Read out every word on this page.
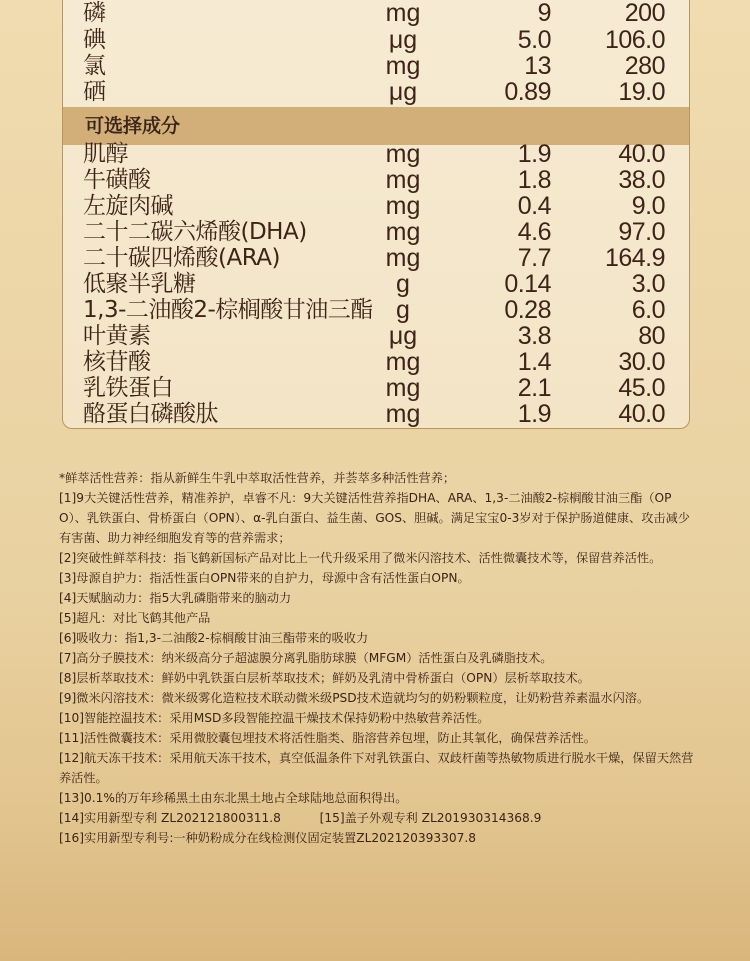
磷	mg	9	200
碘	μg	5.0 106.0
氯	mg	13	280
硒	μg	0.89	19.0
可选择成分
肌醇	mg	1.9	40.0
牛磺酸	mg	1.8	38.0
左旋肉碱	mg	0.4	9.0
二十二碳六烯酸(DHA)	mg	4.6	97.0
二十碳四烯酸(ARA)	mg	7.7 164.9
低聚半乳糖	g	0.14	3.0
1,3-二油酸2-棕榈酸甘油三酯 g	0.28	6.0
叶黄素	μg	3.8	80
核苷酸	mg	1.4	30.0
乳铁蛋白	mg	2.1	45.0
酪蛋白磷酸肽	mg	1.9	40.0

*鲜萃活性营养：指从新鲜生牛乳中萃取活性营养，并荟萃多种活性营养；

[1]9大关键活性营养，精准养护，卓睿不凡：9大关键活性营养指DHA、ARA、1,3-二油酸2-棕榈酸甘油三酯（OPO）、乳铁蛋白、骨桥蛋白（OPN）、α-乳白蛋白、益生菌、GOS、胆碱。满足宝宝0-3岁对于保护肠道健康、攻击减少有害菌、助力神经细胞发育等的营养需求；

[2]突破性鲜萃科技：指飞鹤新国标产品对比上一代升级采用了微米闪溶技术、活性微囊技术等，保留营养活性。

[3]母源自护力：指活性蛋白OPN带来的自护力，母源中含有活性蛋白OPN。

[4]天赋脑动力：指5大乳磷脂带来的脑动力

[5]超凡：对比飞鹤其他产品

[6]吸收力：指1,3-二油酸2-棕榈酸甘油三酯带来的吸收力

[7]高分子膜技术：纳米级高分子超滤膜分离乳脂肪球膜（MFGM）活性蛋白及乳磷脂技术。

[8]层析萃取技术：鲜奶中乳铁蛋白层析萃取技术；鲜奶及乳清中骨桥蛋白（OPN）层析萃取技术。

[9]微米闪溶技术：微米级雾化造粒技术联动微米级PSD技术造就均匀的奶粉颗粒度，让奶粉营养素温水闪溶。

[10]智能控温技术：采用MSD多段智能控温干燥技术保持奶粉中热敏营养活性。

[11]活性微囊技术：采用微胶囊包埋技术将活性脂类、脂溶营养包埋，防止其氧化，确保营养活性。

[12]航天冻干技术：采用航天冻干技术，真空低温条件下对乳铁蛋白、双歧杆菌等热敏物质进行脱水干燥，保留天然营养活性。

[13]0.1%的万年珍稀黑土由东北黑土地占全球陆地总面积得出。

[14]实用新型专利 ZL202121800311.8          [15]盖子外观专利 ZL201930314368.9

[16]实用新型专利号:一种奶粉成分在线检测仪固定装置ZL202120393307.8
